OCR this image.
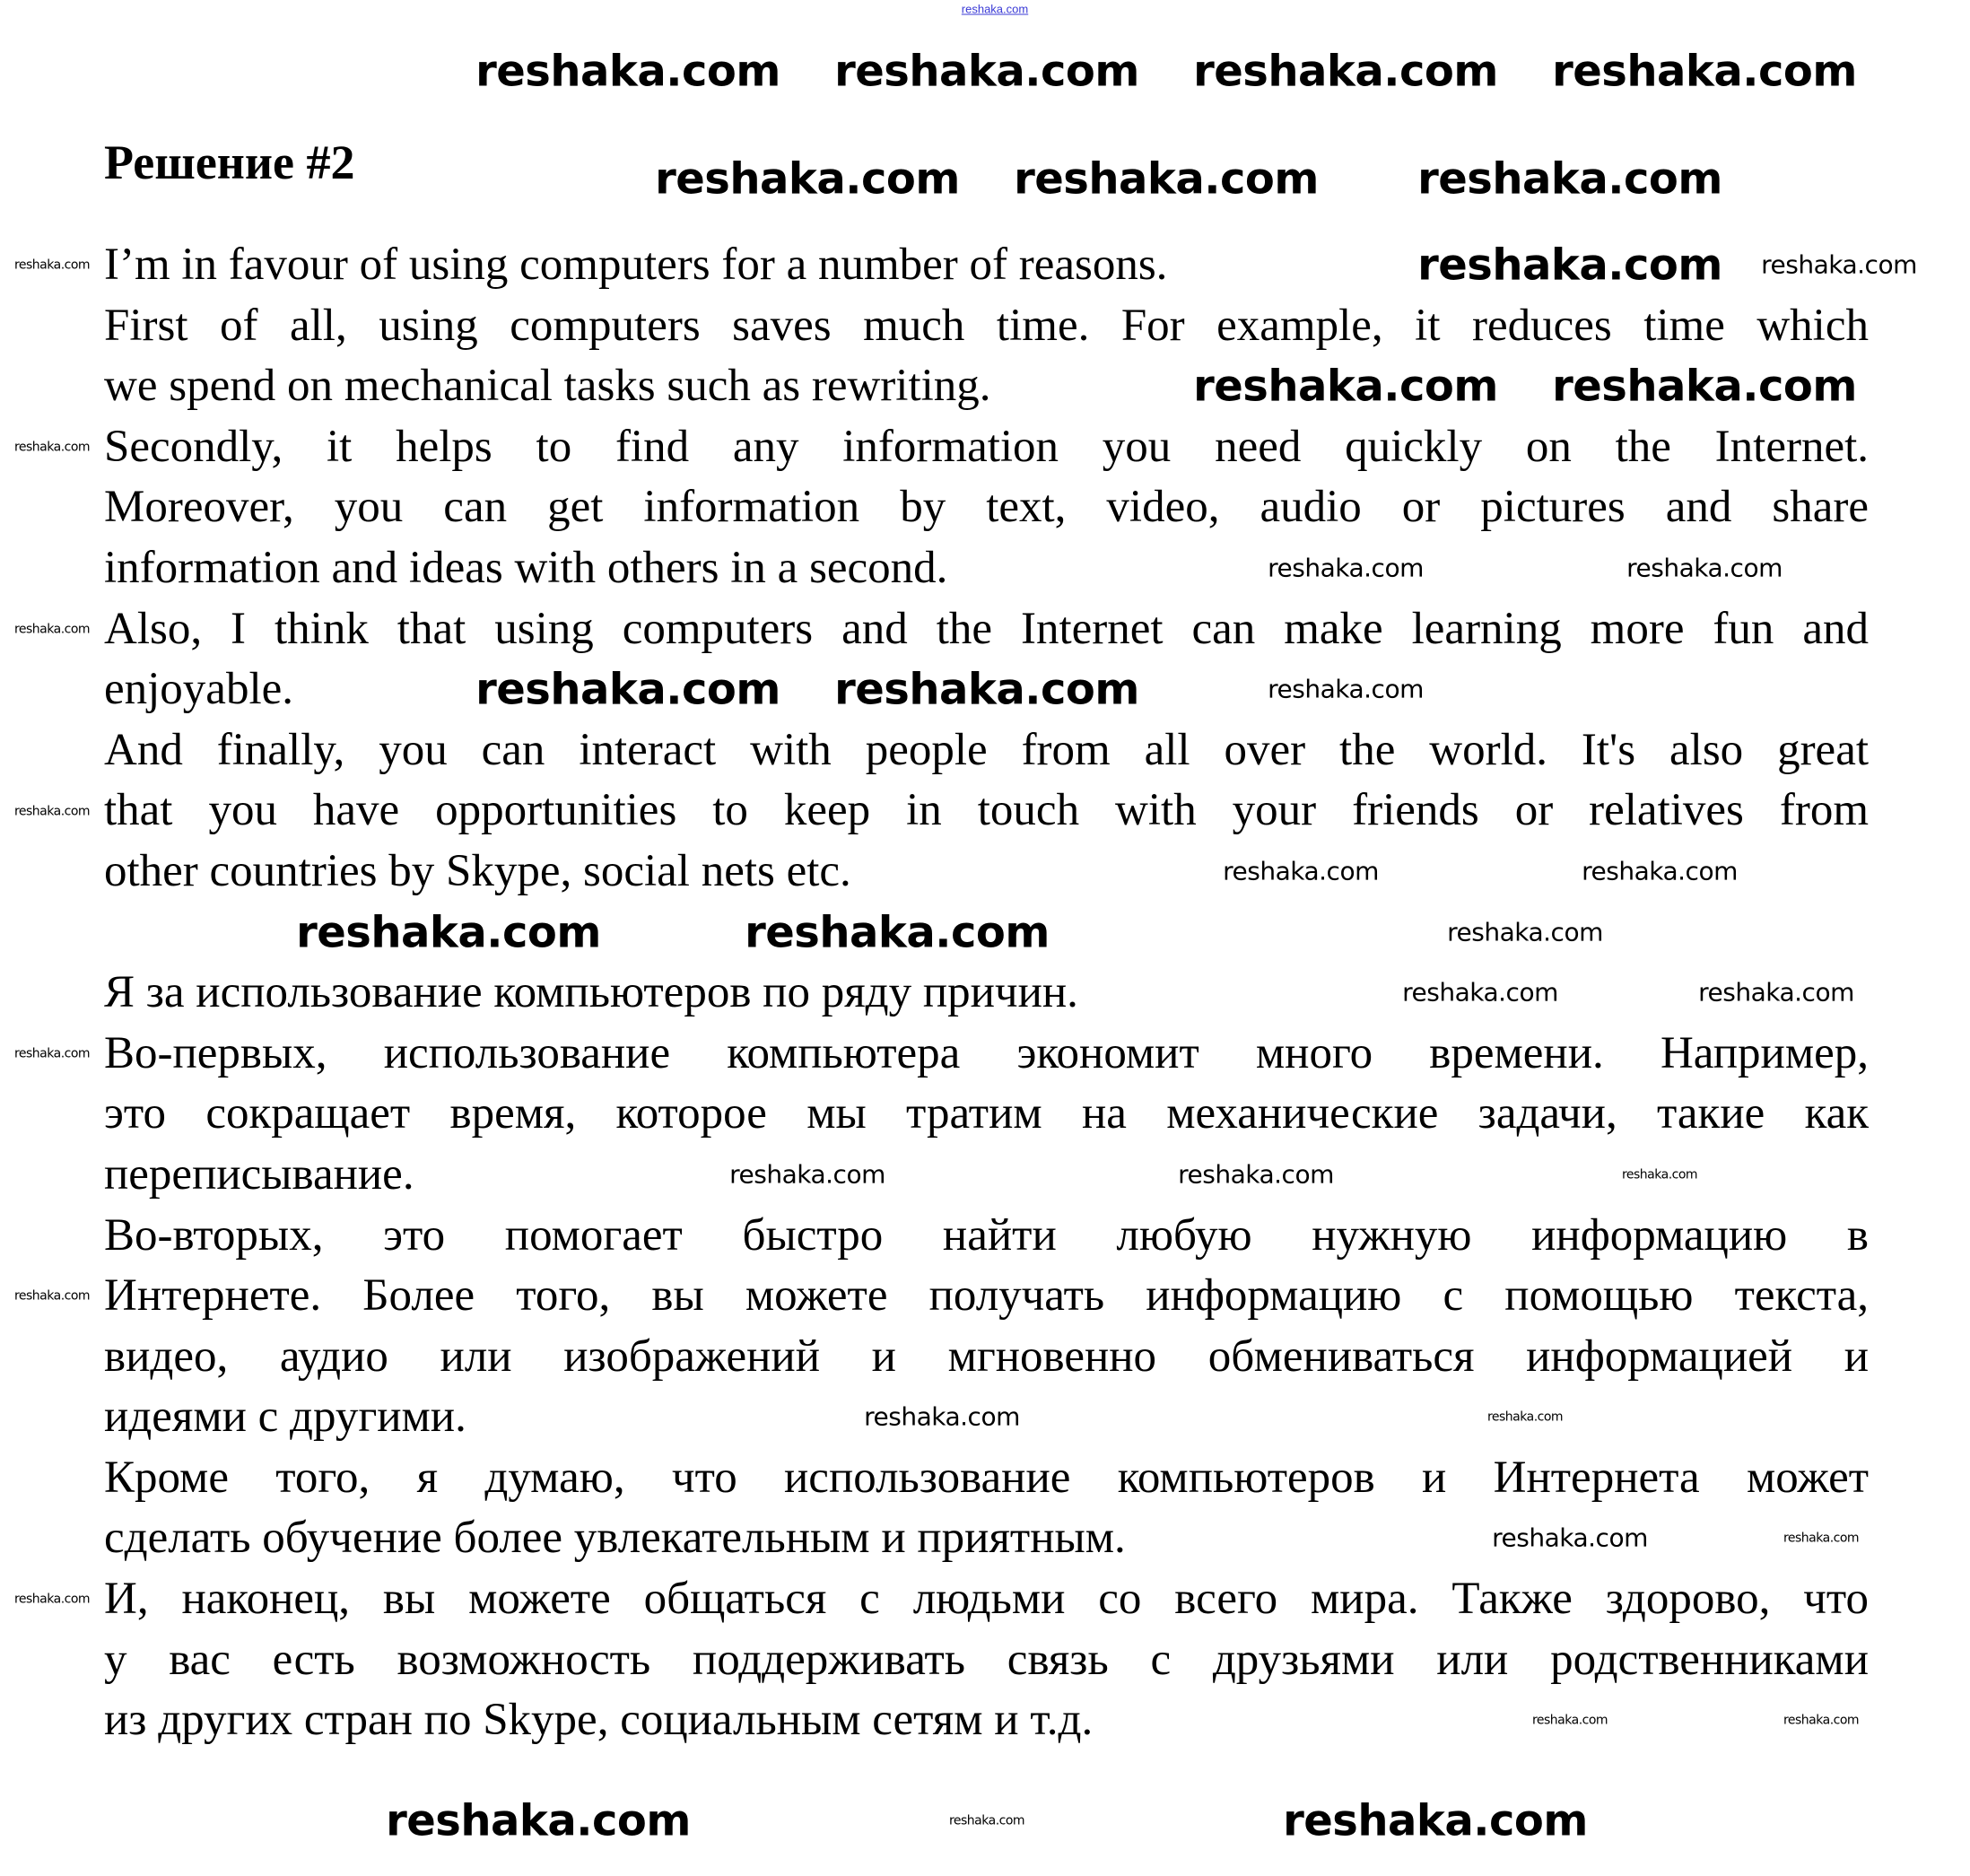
reshaka.com
Решение #2
I’m in favour of using computers for a number of reasons.
First of all, using computers saves much time. For example, it reduces time which
we spend on mechanical tasks such as rewriting.
Secondly, it helps to find any information you need quickly on the Internet.
Moreover, you can get information by text, video, audio or pictures and share
information and ideas with others in a second.
Also, I think that using computers and the Internet can make learning more fun and
enjoyable.
And finally, you can interact with people from all over the world. It's also great
that you have opportunities to keep in touch with your friends or relatives from
other countries by Skype, social nets etc.
Я за использование компьютеров по ряду причин.
Во-первых, использование компьютера экономит много времени. Например,
это сокращает время, которое мы тратим на механические задачи, такие как
переписывание.
Во-вторых, это помогает быстро найти любую нужную информацию в
Интернете. Более того, вы можете получать информацию с помощью текста,
видео, аудио или изображений и мгновенно обмениваться информацией и
идеями с другими.
Кроме того, я думаю, что использование компьютеров и Интернета может
сделать обучение более увлекательным и приятным.
И, наконец, вы можете общаться с людьми со всего мира. Также здорово, что
у вас есть возможность поддерживать связь с друзьями или родственниками
из других стран по Skype, социальным сетям и т.д.
reshaka.com reshaka.com reshaka.com reshaka.com
reshaka.com reshaka.com reshaka.com
reshaka.com
reshaka.com reshaka.com
reshaka.com reshaka.com
reshaka.com	reshaka.com
reshaka.com	reshaka.com
reshaka.com
reshaka.com	reshaka.com
reshaka.com
reshaka.com	reshaka.com
reshaka.com
reshaka.com	reshaka.com
reshaka.com	reshaka.com
reshaka.com
reshaka.com
reshaka.com
reshaka.com
reshaka.com
reshaka.com
reshaka.com
reshaka.com
reshaka.com
reshaka.com
reshaka.com
reshaka.com
reshaka.com	reshaka.com
reshaka.com
